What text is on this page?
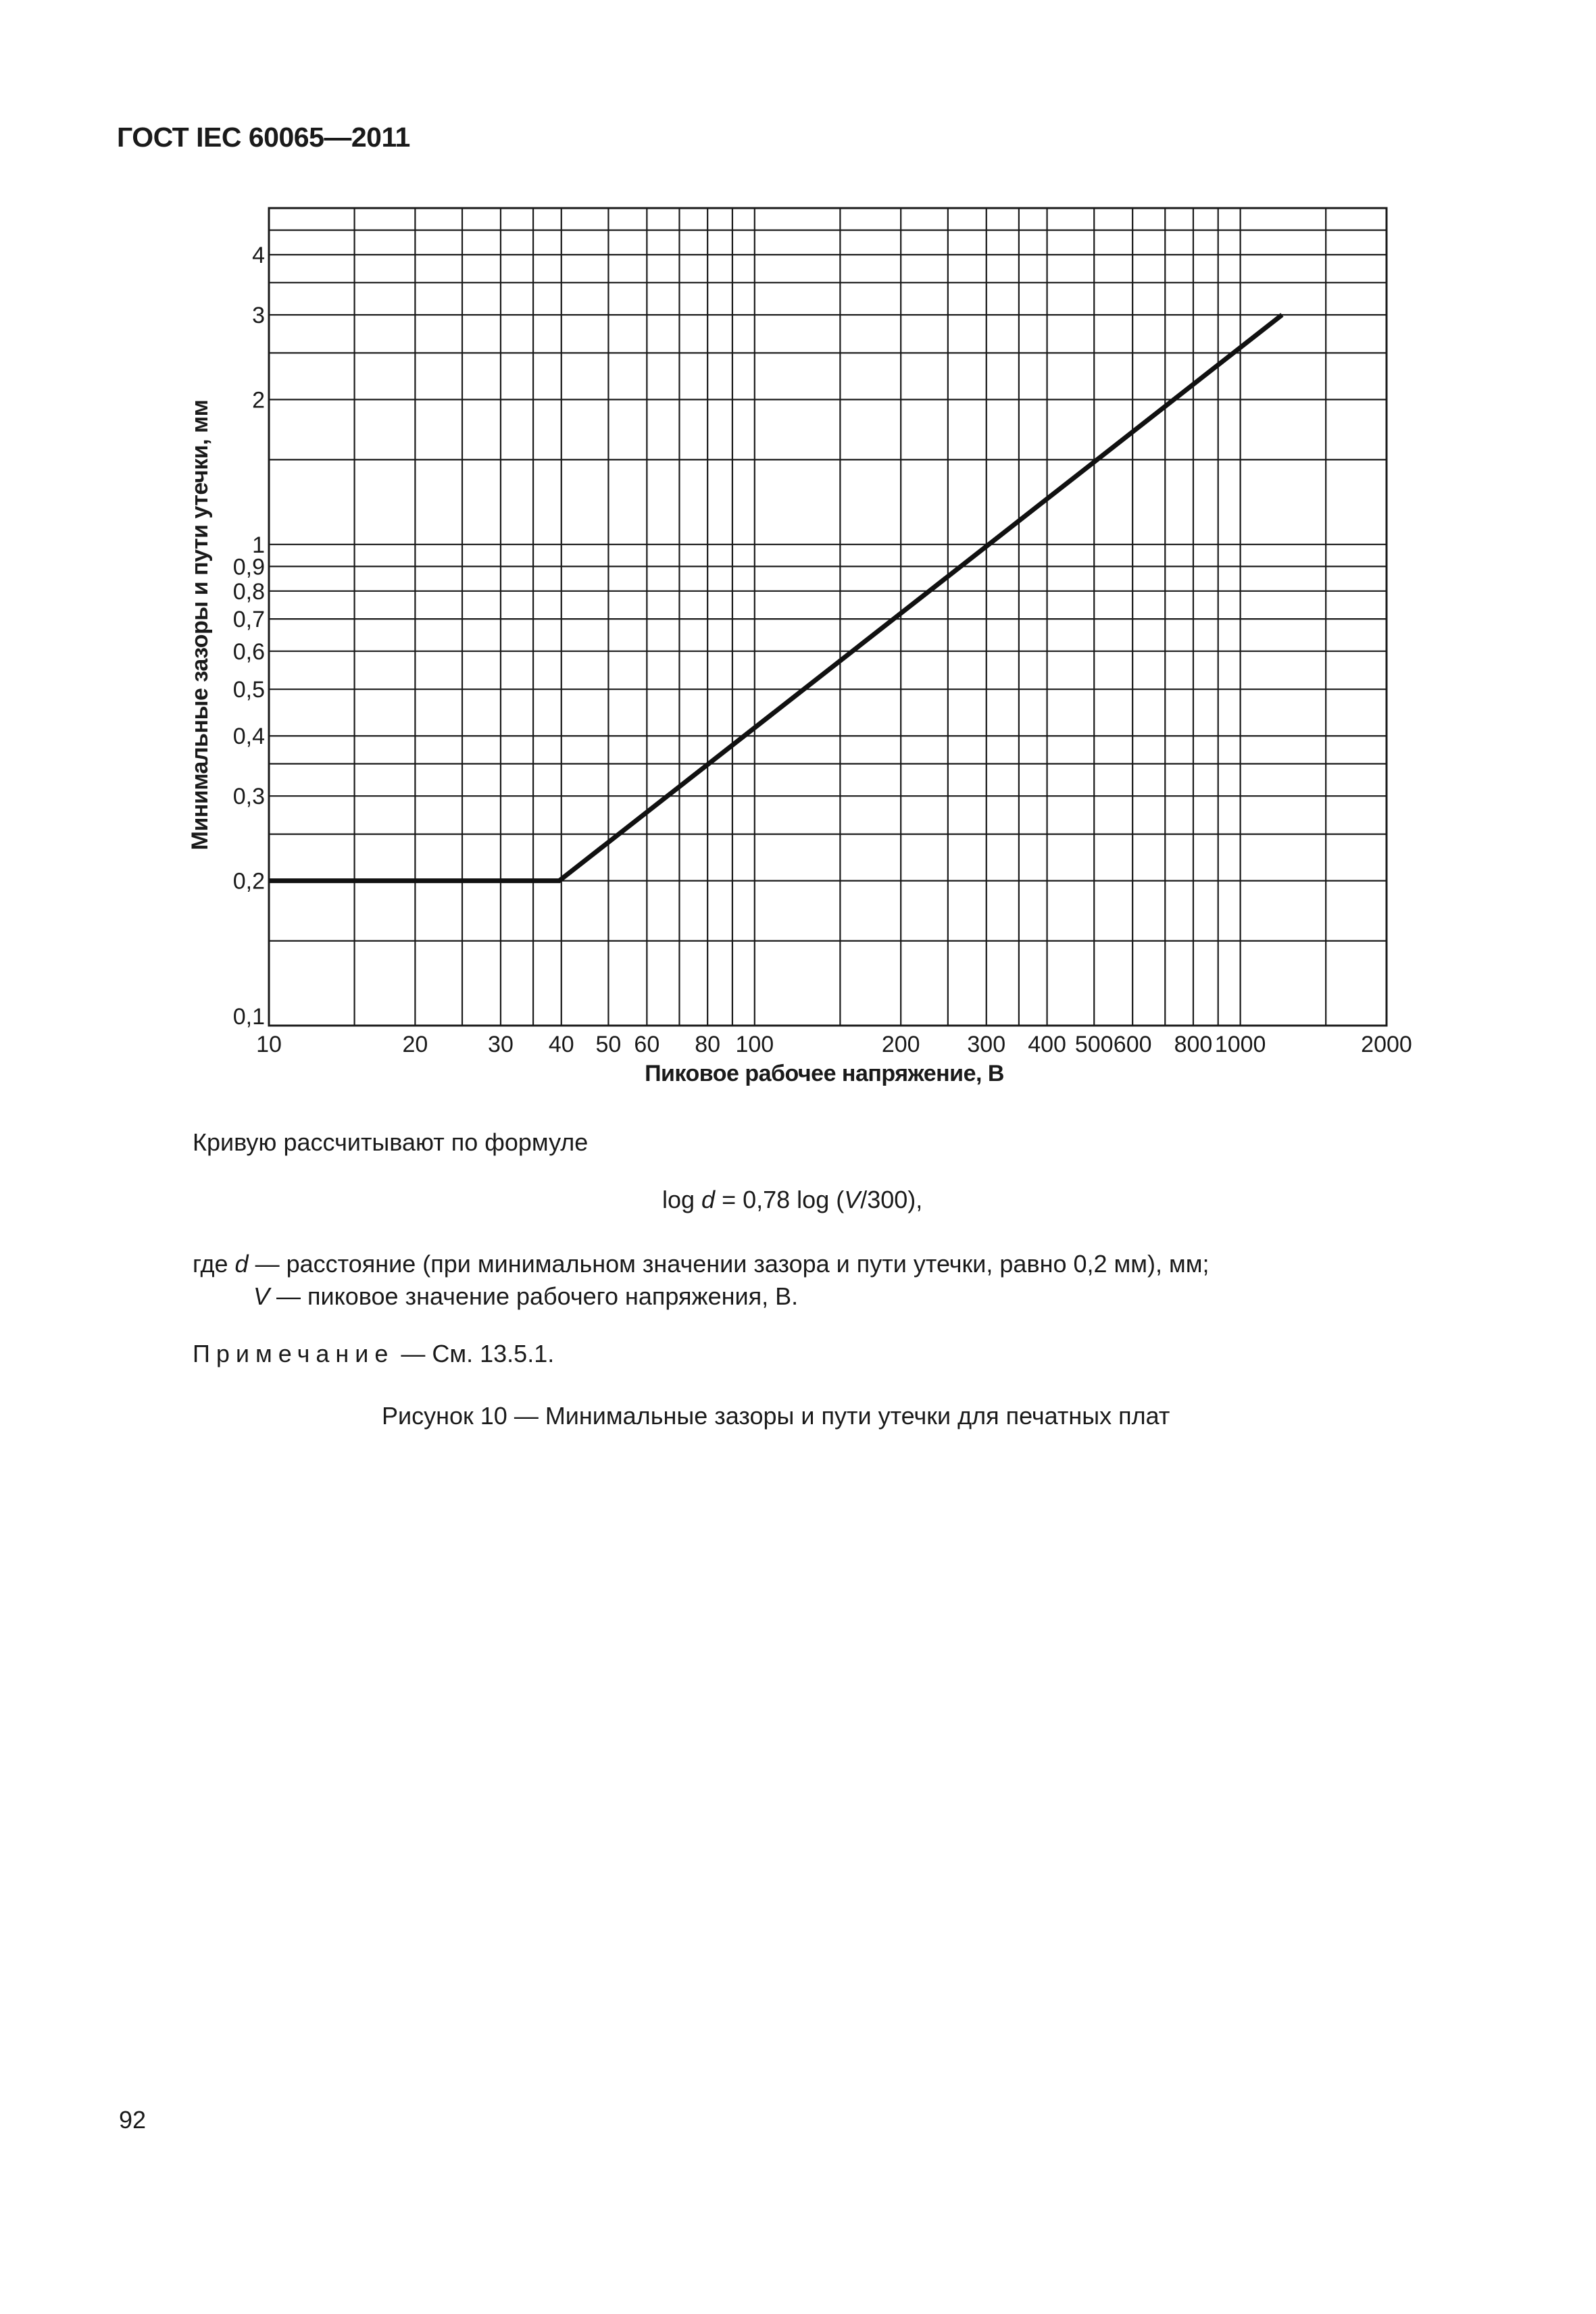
ГОСТ IEC 60065—2011
10	20	30 40 50 60 80 100	200 300 400 500 600 800 1000	2000
0,1
0,2
0,3
0,4
0,5
0,6
0,7
0,8
0,9
1
2
3
4
Пиковое рабочее напряжение, В
Минимальные зазоры и пути утечки, мм
Кривую рассчитывают по формуле
log d = 0,78 log (V/300),
где d — расстояние (при минимальном значении зазора и пути утечки, равно 0,2 мм), мм;
V — пиковое значение рабочего напряжения, В.
Примечание — См. 13.5.1.
Рисунок 10 — Минимальные зазоры и пути утечки для печатных плат
92
